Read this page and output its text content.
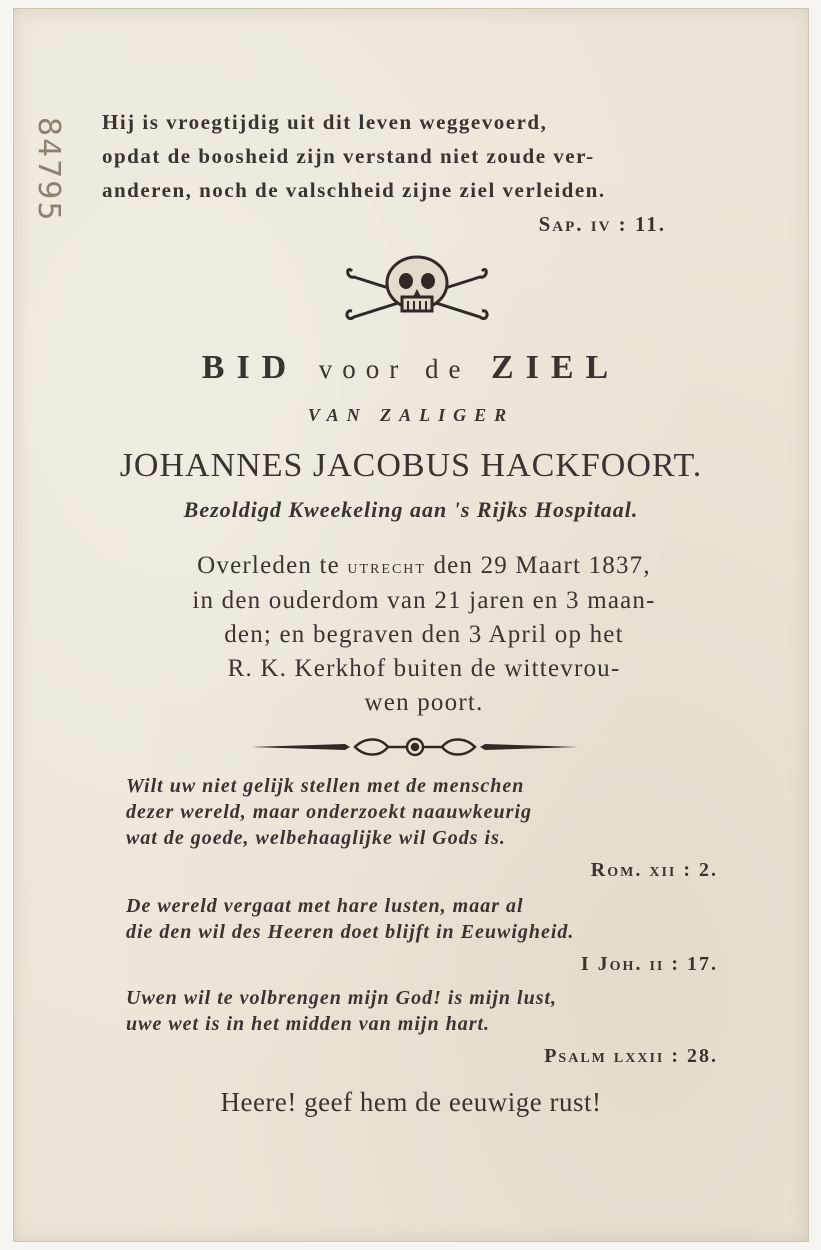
84795 Hij is vroegtijdig uit dit leven weggevoerd,
opdat de boosheid zijn verstand niet zoude ver-
anderen, noch de valschheid zijne ziel verleiden.
Sap. iv : 11.
BID voor de ZIEL
VAN ZALIGER
JOHANNES JACOBUS HACKFOORT.
Bezoldigd Kweekeling aan 's Rijks Hospitaal.
Overleden te utrecht den 29 Maart 1837,
in den ouderdom van 21 jaren en 3 maan-
den; en begraven den 3 April op het
R. K. Kerkhof buiten de wittevrou-
wen poort.
Wilt uw niet gelijk stellen met de menschen
dezer wereld, maar onderzoekt naauwkeurig
wat de goede, welbehaaglijke wil Gods is.
Rom. xii : 2.
De wereld vergaat met hare lusten, maar al
die den wil des Heeren doet blijft in Eeuwigheid.
I Joh. ii : 17.
Uwen wil te volbrengen mijn God! is mijn lust,
uwe wet is in het midden van mijn hart.
Psalm lxxii : 28.
Heere! geef hem de eeuwige rust!
